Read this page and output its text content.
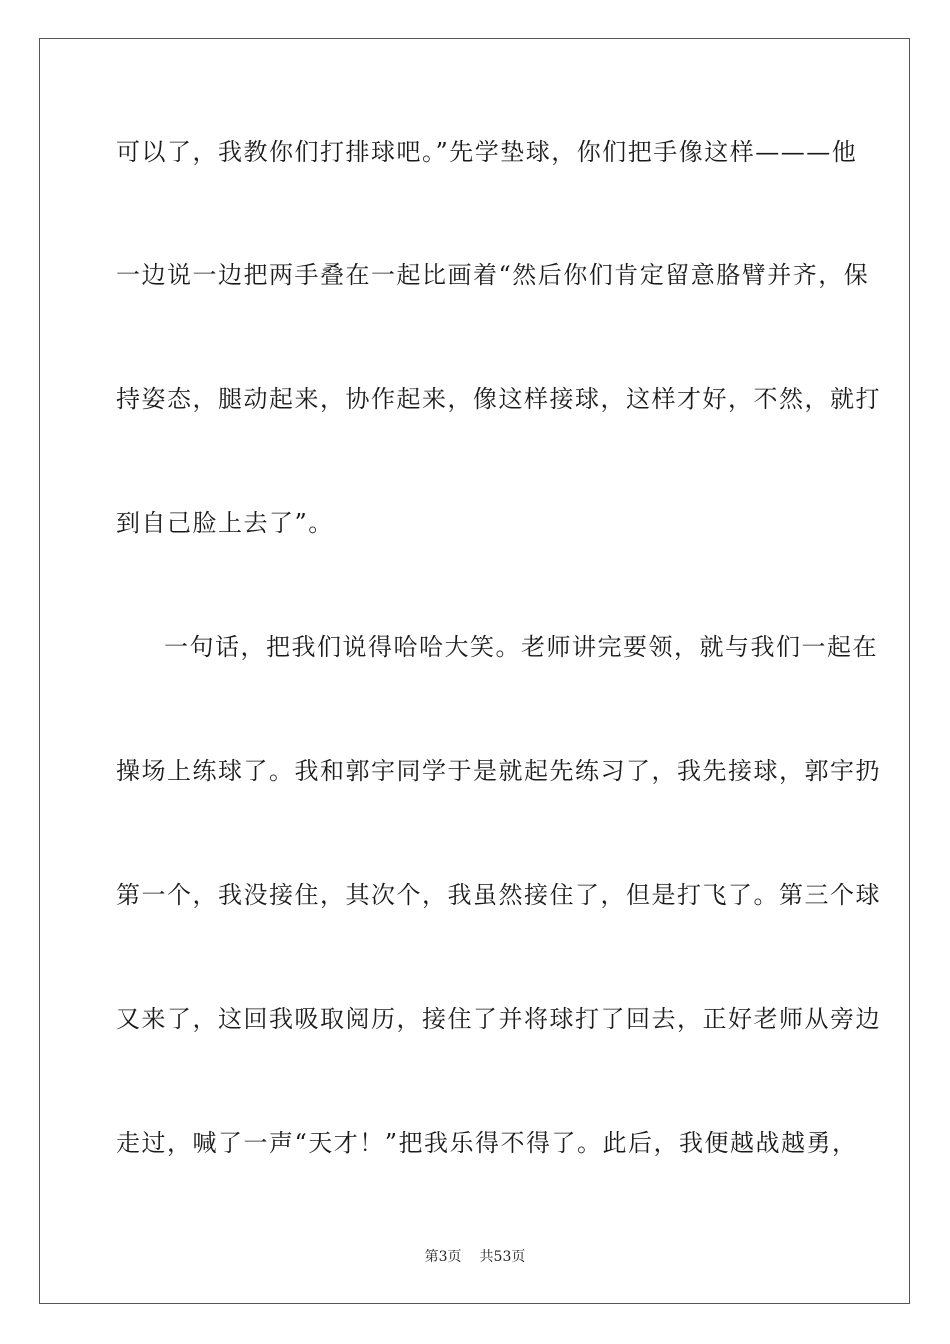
可以了，我教你们打排球吧。”先学垫球，你们把手像这样———他
一边说一边把两手叠在一起比画着“然后你们肯定留意胳臂并齐，保
持姿态，腿动起来，协作起来，像这样接球，这样才好，不然，就打
到自己脸上去了”。
一句话，把我们说得哈哈大笑。老师讲完要领，就与我们一起在
操场上练球了。我和郭宇同学于是就起先练习了，我先接球，郭宇扔
第一个，我没接住，其次个，我虽然接住了，但是打飞了。第三个球
又来了，这回我吸取阅历，接住了并将球打了回去，正好老师从旁边
走过，喊了一声“天才！”把我乐得不得了。此后，我便越战越勇，
第3页 共53页
